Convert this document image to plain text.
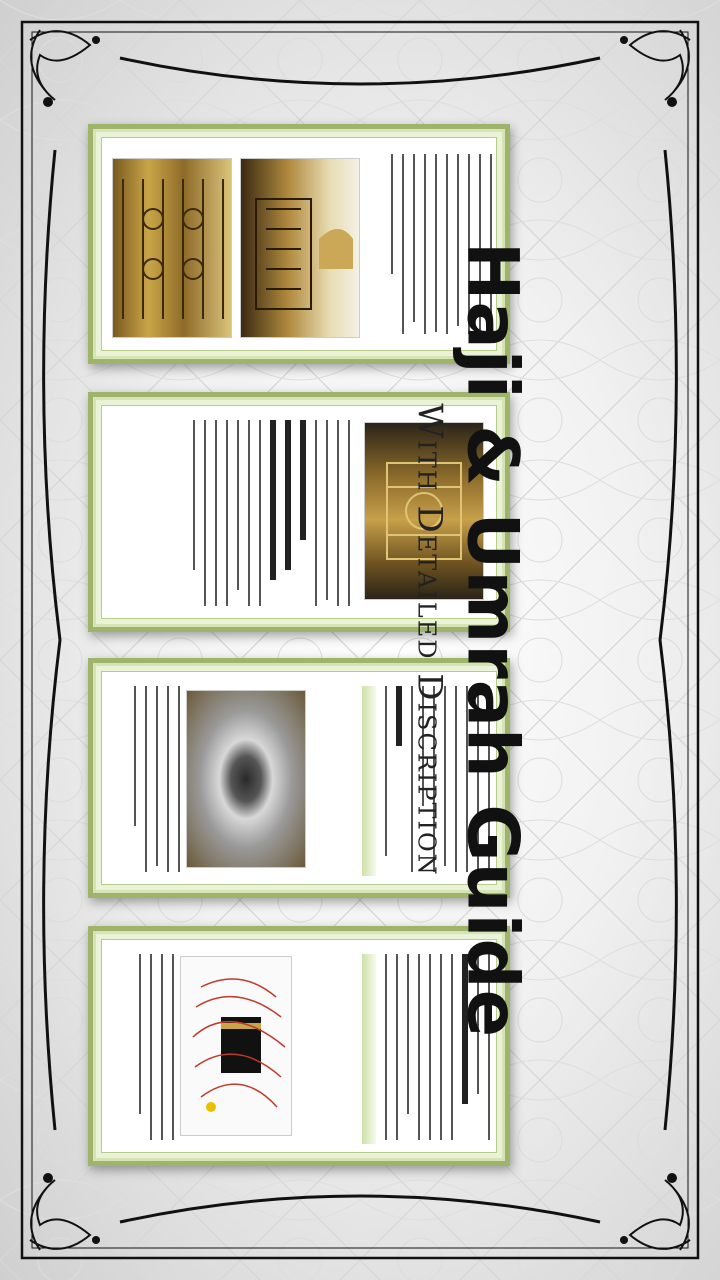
Haji & Umrah Guide

With Detailed Discription
